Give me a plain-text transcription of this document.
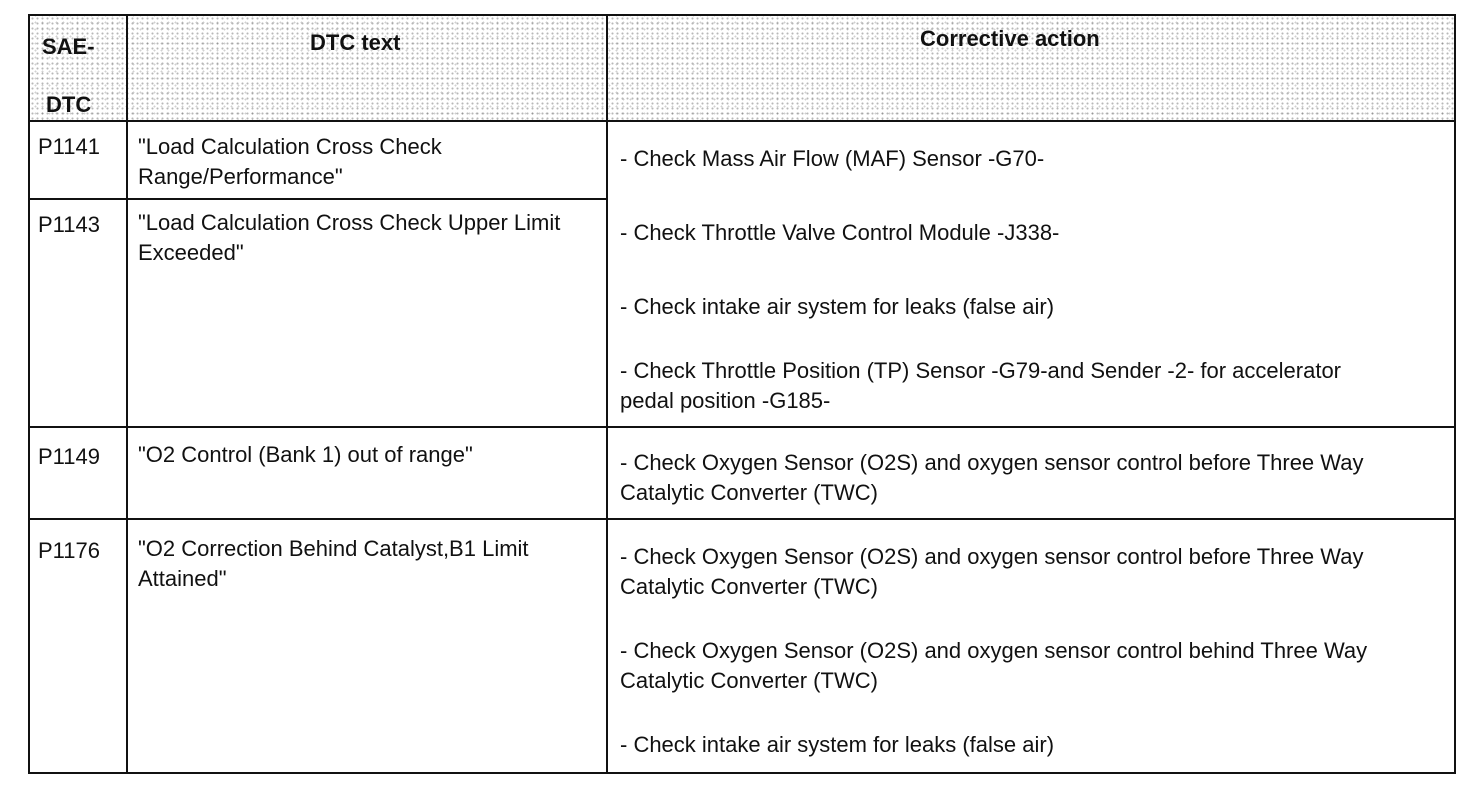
SAE-
DTC
DTC text	Corrective action
P1141 "Load Calculation Cross Check Range/Performance"
P1143 "Load Calculation Cross Check Upper Limit Exceeded"
- Check Mass Air Flow (MAF) Sensor -G70-
- Check Throttle Valve Control Module -J338-
- Check intake air system for leaks (false air)
- Check Throttle Position (TP) Sensor -G79-and Sender -2- for accelerator pedal position -G185-
P1149 "O2 Control (Bank 1) out of range"	- Check Oxygen Sensor (O2S) and oxygen sensor control before Three Way Catalytic Converter (TWC)
P1176 "O2 Correction Behind Catalyst,B1 Limit Attained"
- Check Oxygen Sensor (O2S) and oxygen sensor control before Three Way Catalytic Converter (TWC)
- Check Oxygen Sensor (O2S) and oxygen sensor control behind Three Way Catalytic Converter (TWC)
- Check intake air system for leaks (false air)
